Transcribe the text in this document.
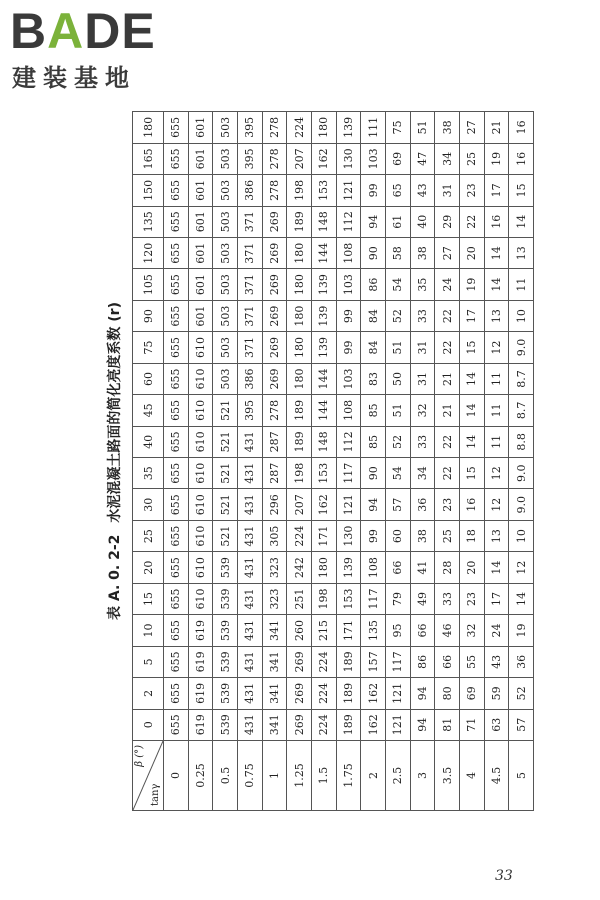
BADE
建装基地
表 A. 0. 2-2水泥混凝土路面的简化亮度系数 (r)
β (°)
tanγ	0	2	5	10	15	20	25	30	35	40	45	60	75	90	105	120	135	150	165	180
0	655	655	655	655	655	655	655	655	655	655	655	655	655	655	655	655	655	655	655	655
0.25	619	619	619	619	610	610	610	610	610	610	610	610	610	601	601	601	601	601	601	601
0.5	539	539	539	539	539	539	521	521	521	521	521	503	503	503	503	503	503	503	503	503
0.75	431	431	431	431	431	431	431	431	431	431	395	386	371	371	371	371	371	386	395	395
1	341	341	341	341	323	323	305	296	287	287	278	269	269	269	269	269	269	278	278	278
1.25	269	269	269	260	251	242	224	207	198	189	189	180	180	180	180	180	189	198	207	224
1.5	224	224	224	215	198	180	171	162	153	148	144	144	139	139	139	144	148	153	162	180
1.75	189	189	189	171	153	139	130	121	117	112	108	103	99	99	103	108	112	121	130	139
2	162	162	157	135	117	108	99	94	90	85	85	83	84	84	86	90	94	99	103	111
2.5	121	121	117	95	79	66	60	57	54	52	51	50	51	52	54	58	61	65	69	75
3	94	94	86	66	49	41	38	36	34	33	32	31	31	33	35	38	40	43	47	51
3.5	81	80	66	46	33	28	25	23	22	22	21	21	22	22	24	27	29	31	34	38
4	71	69	55	32	23	20	18	16	15	14	14	14	15	17	19	20	22	23	25	27
4.5	63	59	43	24	17	14	13	12	12	11	11	11	12	13	14	14	16	17	19	21
5	57	52	36	19	14	12	10	9.0	9.0	8.8	8.7	8.7	9.0	10	11	13	14	15	16	16
33
